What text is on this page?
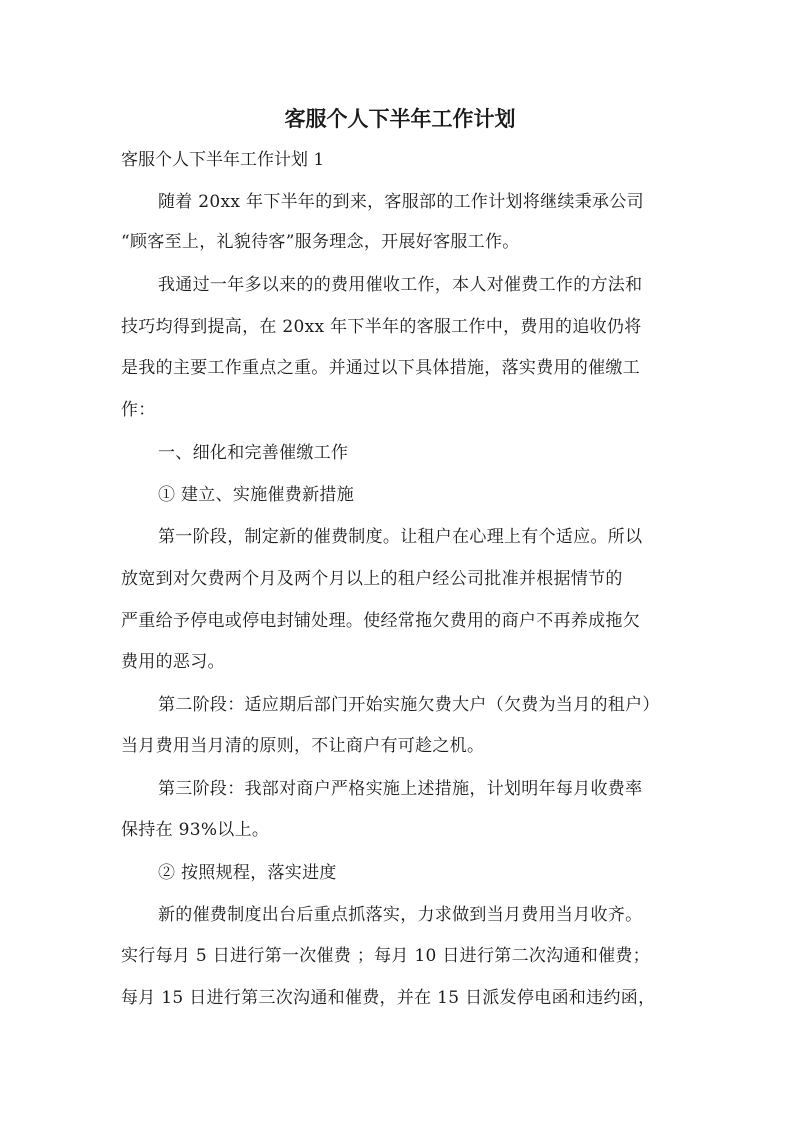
客服个人下半年工作计划
客服个人下半年工作计划 1
随着 20xx 年下半年的到来，客服部的工作计划将继续秉承公司
“顾客至上，礼貌待客”服务理念，开展好客服工作。
我通过一年多以来的的费用催收工作，本人对催费工作的方法和
技巧均得到提高，在 20xx 年下半年的客服工作中，费用的追收仍将
是我的主要工作重点之重。并通过以下具体措施，落实费用的催缴工
作：
一、细化和完善催缴工作
① 建立、实施催费新措施
第一阶段，制定新的催费制度。让租户在心理上有个适应。所以
放宽到对欠费两个月及两个月以上的租户经公司批准并根据情节的
严重给予停电或停电封铺处理。使经常拖欠费用的商户不再养成拖欠
费用的恶习。
第二阶段：适应期后部门开始实施欠费大户（欠费为当月的租户）
当月费用当月清的原则，不让商户有可趁之机。
第三阶段：我部对商户严格实施上述措施，计划明年每月收费率
保持在 93%以上。
② 按照规程，落实进度
新的催费制度出台后重点抓落实，力求做到当月费用当月收齐。
实行每月 5 日进行第一次催费 ；每月 10 日进行第二次沟通和催费；
每月 15 日进行第三次沟通和催费，并在 15 日派发停电函和违约函，
